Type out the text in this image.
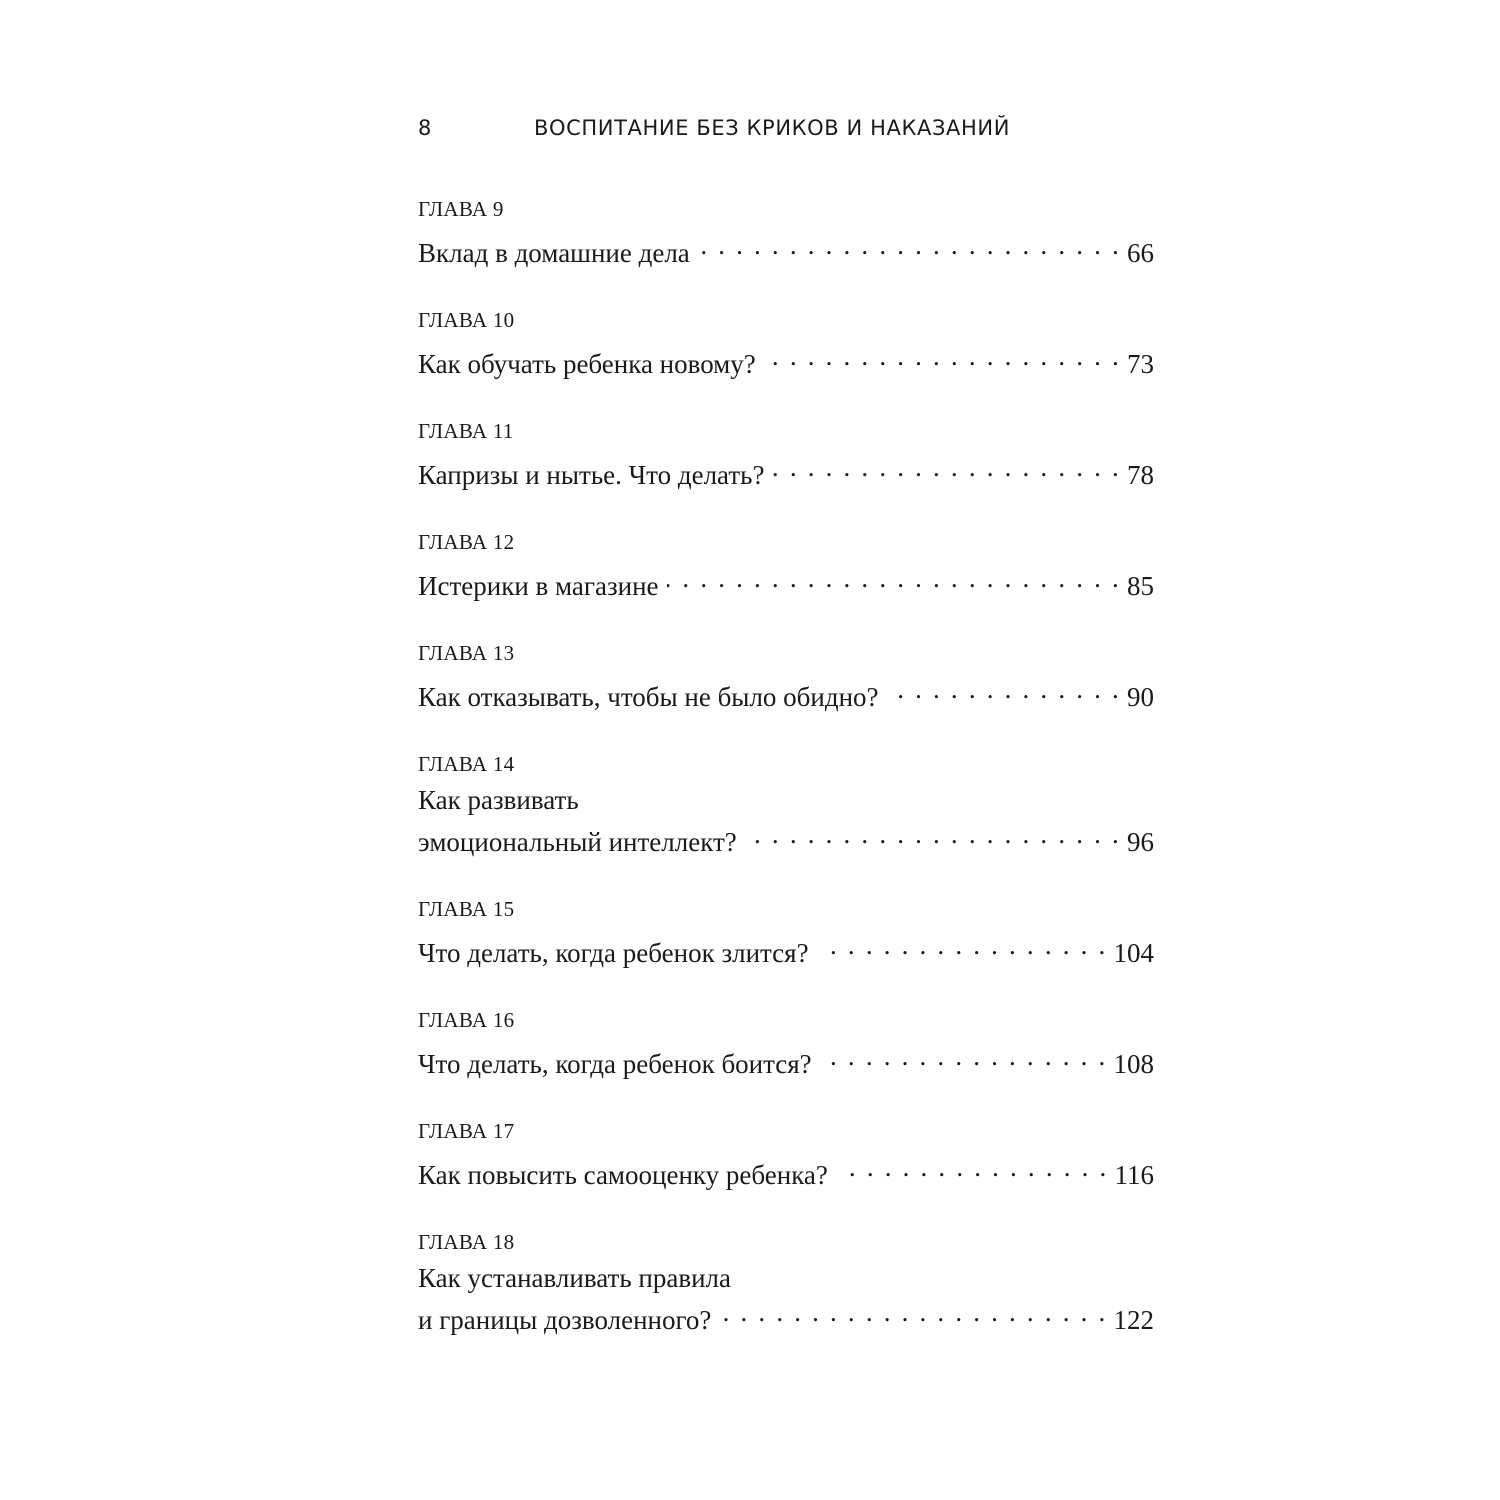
8	ВОСПИТАНИЕ БЕЗ КРИКОВ И НАКАЗАНИЙ
ГЛАВА 9
Вклад в домашние дела . . .	66
ГЛАВА 10
Как обучать ребенка новому? . . .	73
ГЛАВА 11
Капризы и нытье. Что делать? . . .	78
ГЛАВА 12
Истерики в магазине . . .	85
ГЛАВА 13
Как отказывать, чтобы не было обидно? . . .	90
ГЛАВА 14
Как развивать
эмоциональный интеллект? . . .	96
ГЛАВА 15
Что делать, когда ребенок злится? . . .	104
ГЛАВА 16
Что делать, когда ребенок боится? . . .	108
ГЛАВА 17
Как повысить самооценку ребенка? . . .	116
ГЛАВА 18
Как устанавливать правила
и границы дозволенного? . . .	122
